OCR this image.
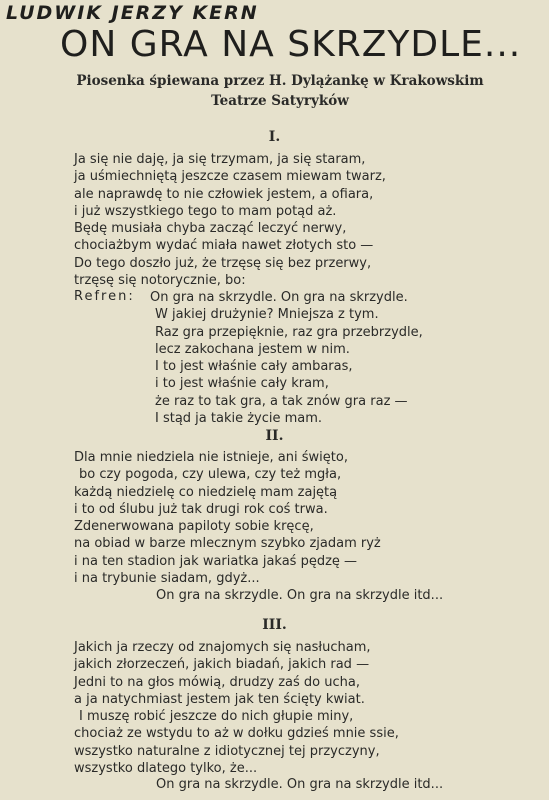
LUDWIK JERZY KERN
ON GRA NA SKRZYDLE...
Piosenka śpiewana przez H. Dylążankę w Krakowskim
Teatrze Satyryków
I.
Ja się nie daję, ja się trzymam, ja się staram,
ja uśmiechniętą jeszcze czasem miewam twarz,
ale naprawdę to nie człowiek jestem, a ofiara,
i już wszystkiego tego to mam potąd aż.
Będę musiała chyba zacząć leczyć nerwy,
chociażbym wydać miała nawet złotych sto —
Do tego doszło już, że trzęsę się bez przerwy,
trzęsę się notorycznie, bo:
Refren: On gra na skrzydle. On gra na skrzydle.
W jakiej drużynie? Mniejsza z tym.
Raz gra przepięknie, raz gra przebrzydle,
lecz zakochana jestem w nim.
I to jest właśnie cały ambaras,
i to jest właśnie cały kram,
że raz to tak gra, a tak znów gra raz —
I stąd ja takie życie mam.
II.
Dla mnie niedziela nie istnieje, ani święto,
bo czy pogoda, czy ulewa, czy też mgła,
każdą niedzielę co niedzielę mam zajętą
i to od ślubu już tak drugi rok coś trwa.
Zdenerwowana papiloty sobie kręcę,
na obiad w barze mlecznym szybko zjadam ryż
i na ten stadion jak wariatka jakaś pędzę —
i na trybunie siadam, gdyż...
On gra na skrzydle. On gra na skrzydle itd...
III.
Jakich ja rzeczy od znajomych się nasłucham,
jakich złorzeczeń, jakich biadań, jakich rad —
Jedni to na głos mówią, drudzy zaś do ucha,
a ja natychmiast jestem jak ten ścięty kwiat.
I muszę robić jeszcze do nich głupie miny,
chociaż ze wstydu to aż w dołku gdzieś mnie ssie,
wszystko naturalne z idiotycznej tej przyczyny,
wszystko dlatego tylko, że...
On gra na skrzydle. On gra na skrzydle itd...
